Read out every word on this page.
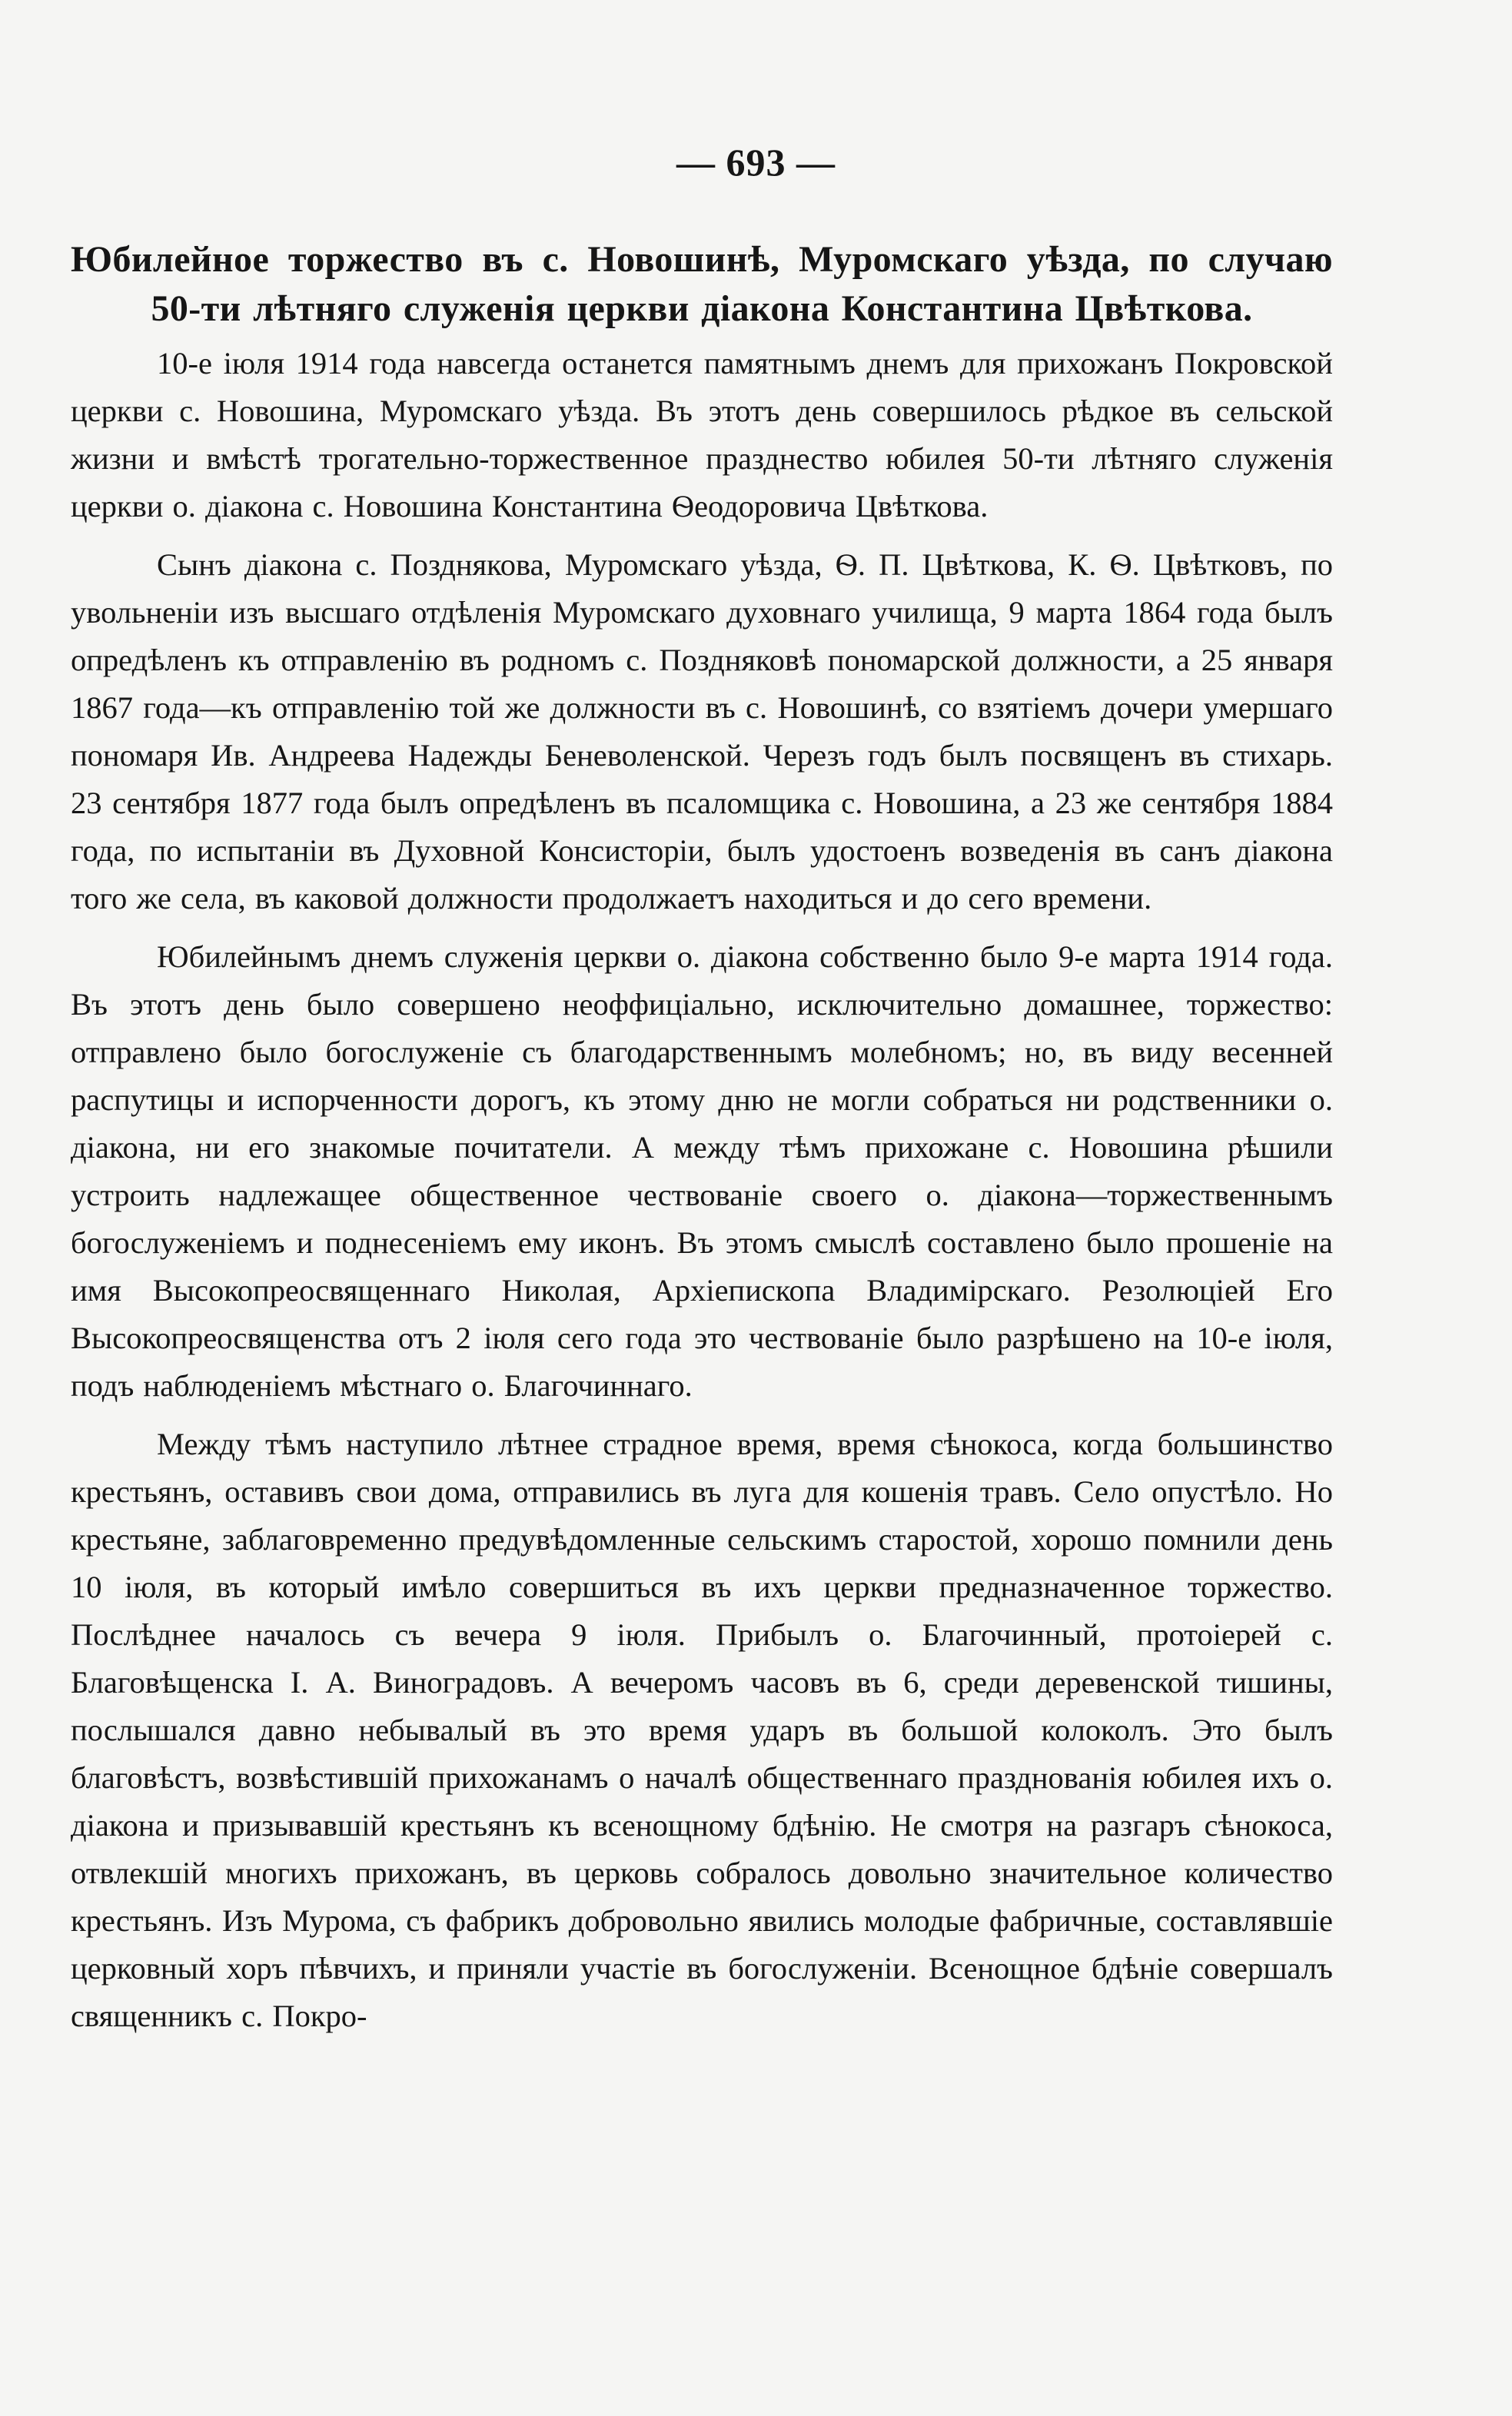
— 693 —
Юбилейное торжество въ с. Новошинѣ, Муромскаго уѣзда, по случаю 50-ти лѣтняго служенія церкви діакона Константина Цвѣткова.

10-е іюля 1914 года навсегда останется памятнымъ днемъ для прихожанъ Покровской церкви с. Новошина, Муромскаго уѣзда. Въ этотъ день совершилось рѣдкое въ сельской жизни и вмѣстѣ трогательно-торжественное празднество юбилея 50-ти лѣтняго служенія церкви о. діакона с. Новошина Константина Ѳеодоровича Цвѣткова.

Сынъ діакона с. Позднякова, Муромскаго уѣзда, Ѳ. П. Цвѣткова, К. Ѳ. Цвѣтковъ, по увольненіи изъ высшаго отдѣленія Муромскаго духовнаго училища, 9 марта 1864 года былъ опредѣленъ къ отправленію въ родномъ с. Поздняковѣ пономарской должности, а 25 января 1867 года—къ отправленію той же должности въ с. Новошинѣ, со взятіемъ дочери умершаго пономаря Ив. Андреева Надежды Беневоленской. Черезъ годъ былъ посвященъ въ стихарь. 23 сентября 1877 года былъ опредѣленъ въ псаломщика с. Новошина, а 23 же сентября 1884 года, по испытаніи въ Духовной Консисторіи, былъ удостоенъ возведенія въ санъ діакона того же села, въ каковой должности продолжаетъ находиться и до сего времени.

Юбилейнымъ днемъ служенія церкви о. діакона собственно было 9-е марта 1914 года. Въ этотъ день было совершено неоффиціально, исключительно домашнее, торжество: отправлено было богослуженіе съ благодарственнымъ молебномъ; но, въ виду весенней распутицы и испорченности дорогъ, къ этому дню не могли собраться ни родственники о. діакона, ни его знакомые почитатели. А между тѣмъ прихожане с. Новошина рѣшили устроить надлежащее общественное чествованіе своего о. діакона—торжественнымъ богослуженіемъ и поднесеніемъ ему иконъ. Въ этомъ смыслѣ составлено было прошеніе на имя Высокопреосвященнаго Николая, Архіепископа Владимірскаго. Резолюціей Его Высокопреосвященства отъ 2 іюля сего года это чествованіе было разрѣшено на 10-е іюля, подъ наблюденіемъ мѣстнаго о. Благочиннаго.

Между тѣмъ наступило лѣтнее страдное время, время сѣнокоса, когда большинство крестьянъ, оставивъ свои дома, отправились въ луга для кошенія травъ. Село опустѣло. Но крестьяне, заблаговременно предувѣдомленные сельскимъ старостой, хорошо помнили день 10 іюля, въ который имѣло совершиться въ ихъ церкви предназначенное торжество. Послѣднее началось съ вечера 9 іюля. Прибылъ о. Благочинный, протоіерей с. Благовѣщенска І. А. Виноградовъ. А вечеромъ часовъ въ 6, среди деревенской тишины, послышался давно небывалый въ это время ударъ въ большой колоколъ. Это былъ благовѣстъ, возвѣстившій прихожанамъ о началѣ общественнаго празднованія юбилея ихъ о. діакона и призывавшій крестьянъ къ всенощному бдѣнію. Не смотря на разгаръ сѣнокоса, отвлекшій многихъ прихожанъ, въ церковь собралось довольно значительное количество крестьянъ. Изъ Мурома, съ фабрикъ добровольно явились молодые фабричные, составлявшіе церковный хоръ пѣвчихъ, и приняли участіе въ богослуженіи. Всенощное бдѣніе совершалъ священникъ с. Покро-
